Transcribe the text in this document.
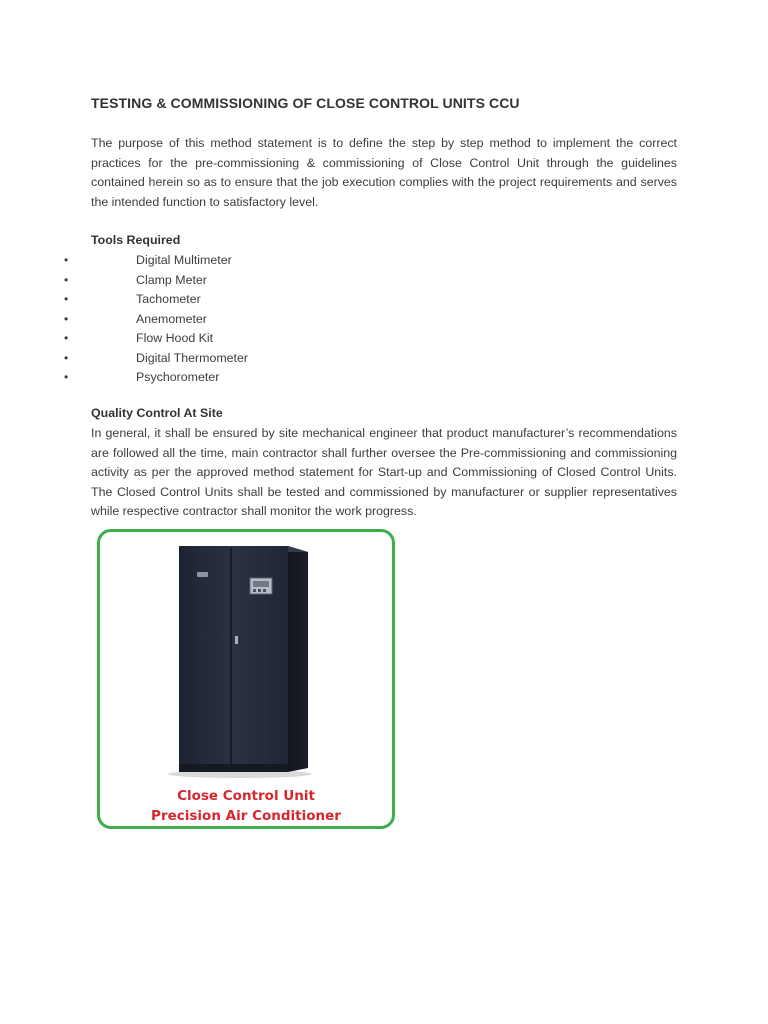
TESTING & COMMISSIONING OF CLOSE CONTROL UNITS CCU

The purpose of this method statement is to define the step by step method to implement the correct practices for the pre-commissioning & commissioning of Close Control Unit through the guidelines contained herein so as to ensure that the job execution complies with the project requirements and serves the intended function to satisfactory level.

Tools Required
•	Digital Multimeter
•	Clamp Meter
•	Tachometer
•	Anemometer
•	Flow Hood Kit
•	Digital Thermometer
•	Psychorometer
Quality Control At Site

In general, it shall be ensured by site mechanical engineer that product manufacturer’s recommendations are followed all the time, main contractor shall further oversee the Pre-commissioning and commissioning activity as per the approved method statement for Start-up and Commissioning of Closed Control Units. The Closed Control Units shall be tested and commissioned by manufacturer or supplier representatives while respective contractor shall monitor the work progress.

Close Control Unit

Precision Air Conditioner
